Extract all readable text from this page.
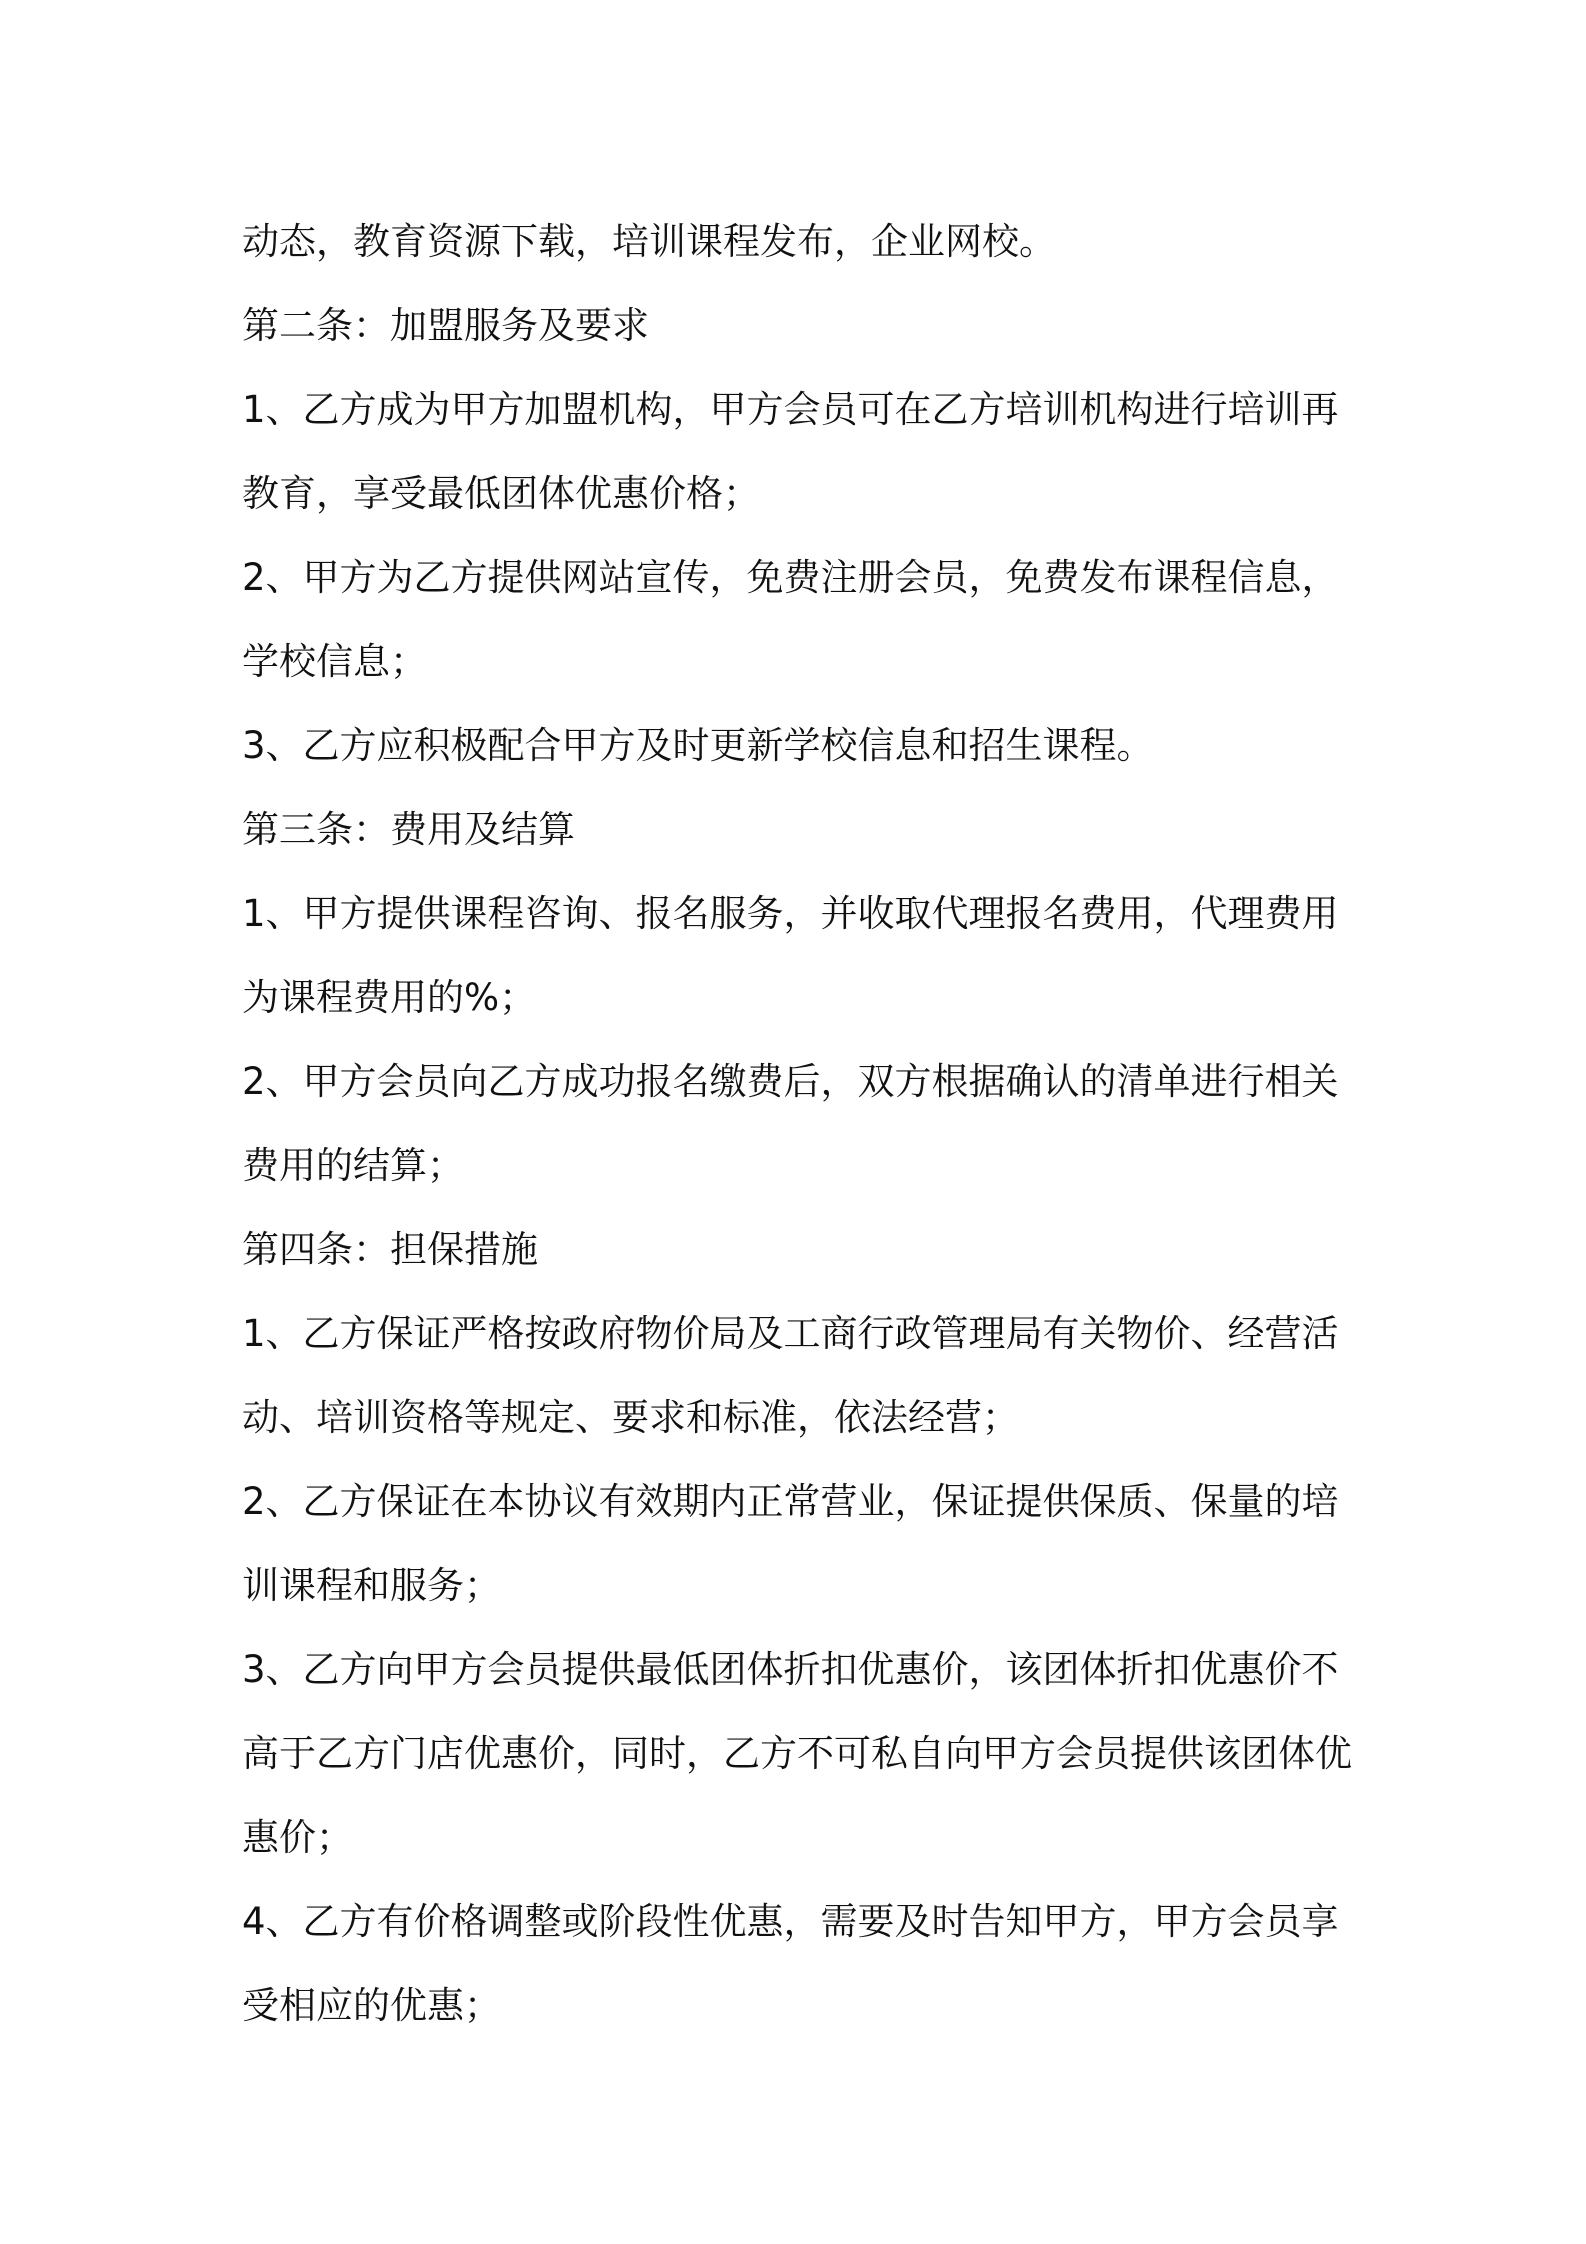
动态，教育资源下载，培训课程发布，企业网校。
第二条：加盟服务及要求
1、乙方成为甲方加盟机构，甲方会员可在乙方培训机构进行培训再
教育，享受最低团体优惠价格；
2、甲方为乙方提供网站宣传，免费注册会员，免费发布课程信息，
学校信息；
3、乙方应积极配合甲方及时更新学校信息和招生课程。
第三条：费用及结算
1、甲方提供课程咨询、报名服务，并收取代理报名费用，代理费用
为课程费用的%；
2、甲方会员向乙方成功报名缴费后，双方根据确认的清单进行相关
费用的结算；
第四条：担保措施
1、乙方保证严格按政府物价局及工商行政管理局有关物价、经营活
动、培训资格等规定、要求和标准，依法经营；
2、乙方保证在本协议有效期内正常营业，保证提供保质、保量的培
训课程和服务；
3、乙方向甲方会员提供最低团体折扣优惠价，该团体折扣优惠价不
高于乙方门店优惠价，同时，乙方不可私自向甲方会员提供该团体优
惠价；
4、乙方有价格调整或阶段性优惠，需要及时告知甲方，甲方会员享
受相应的优惠；
